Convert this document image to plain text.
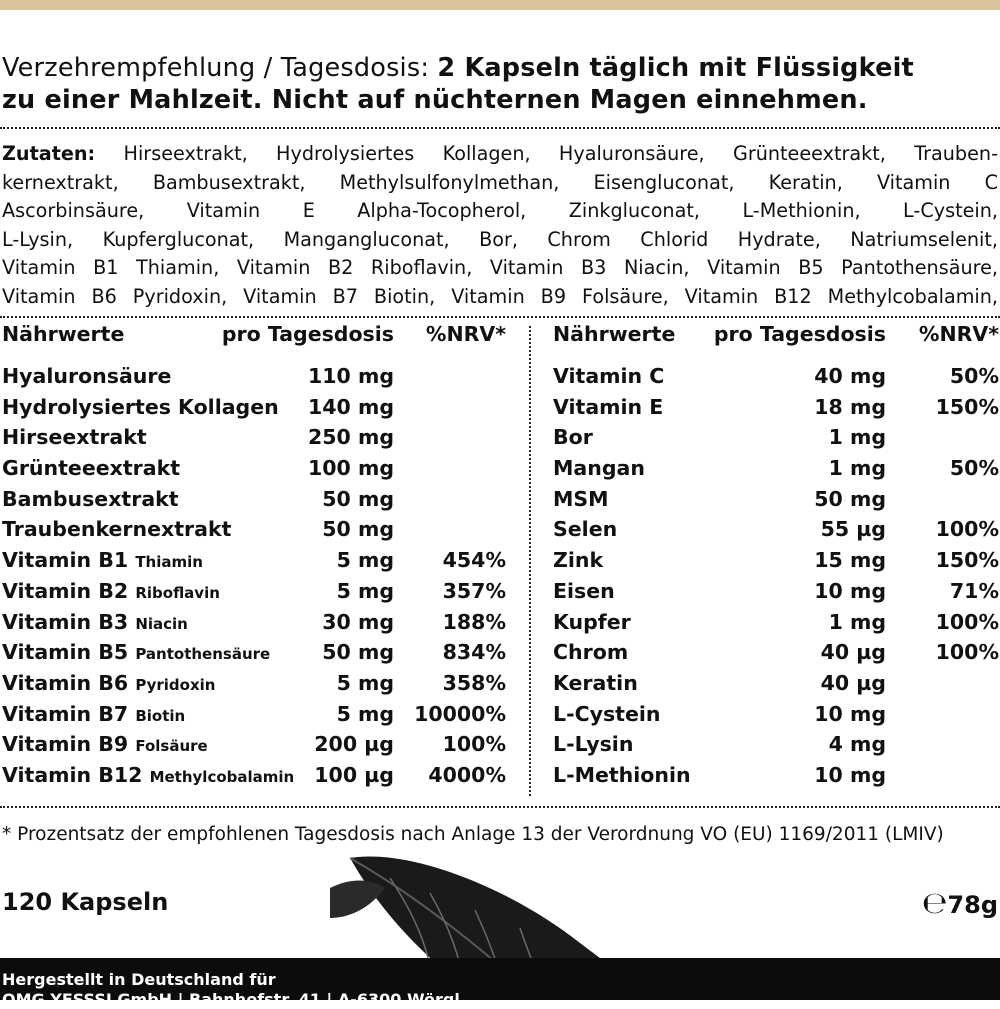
Verzehrempfehlung / Tagesdosis: 2 Kapseln täglich mit Flüssigkeit
zu einer Mahlzeit. Nicht auf nüchternen Magen einnehmen.
Zutaten: Hirseextrakt, Hydrolysiertes Kollagen, Hyaluronsäure, Grünteeextrakt, Trauben-
kernextrakt, Bambusextrakt, Methylsulfonylmethan, Eisengluconat, Keratin, Vitamin C
Ascorbinsäure, Vitamin E Alpha-Tocopherol, Zinkgluconat, L-Methionin, L-Cystein,
L-Lysin, Kupfergluconat, Mangangluconat, Bor, Chrom Chlorid Hydrate, Natriumselenit,
Vitamin B1 Thiamin, Vitamin B2 Riboflavin, Vitamin B3 Niacin, Vitamin B5 Pantothensäure,
Vitamin B6 Pyridoxin, Vitamin B7 Biotin, Vitamin B9 Folsäure, Vitamin B12 Methylcobalamin,
Nährwerte	pro Tagesdosis %NRV*
Hyaluronsäure	110 mg
Hydrolysiertes Kollagen 140 mg
Hirseextrakt	250 mg
Grünteeextrakt	100 mg
Bambusextrakt	50 mg
Traubenkernextrakt	50 mg
Vitamin B1 Thiamin	5 mg 454%
Vitamin B2 Riboflavin	5 mg 357%
Vitamin B3 Niacin	30 mg 188%
Vitamin B5 Pantothensäure	50 mg 834%
Vitamin B6 Pyridoxin	5 mg 358%
Vitamin B7 Biotin	5 mg 10000%
Vitamin B9 Folsäure	200 µg 100%
Vitamin B12 Methylcobalamin 100 µg 4000%
Nährwerte pro Tagesdosis %NRV*
Vitamin C	40 mg	50%
Vitamin E	18 mg 150%
Bor	1 mg
Mangan	1 mg	50%
MSM	50 mg
Selen	55 µg 100%
Zink	15 mg 150%
Eisen	10 mg	71%
Kupfer	1 mg 100%
Chrom	40 µg 100%
Keratin	40 µg
L-Cystein	10 mg
L-Lysin	4 mg
L-Methionin	10 mg
* Prozentsatz der empfohlenen Tagesdosis nach Anlage 13 der Verordnung VO (EU) 1169/2011 (LMIV)
120 Kapseln	℮78g
Hergestellt in Deutschland für
OMG YESSSI GmbH | Bahnhofstr. 41 | A-6300 Wörgl
